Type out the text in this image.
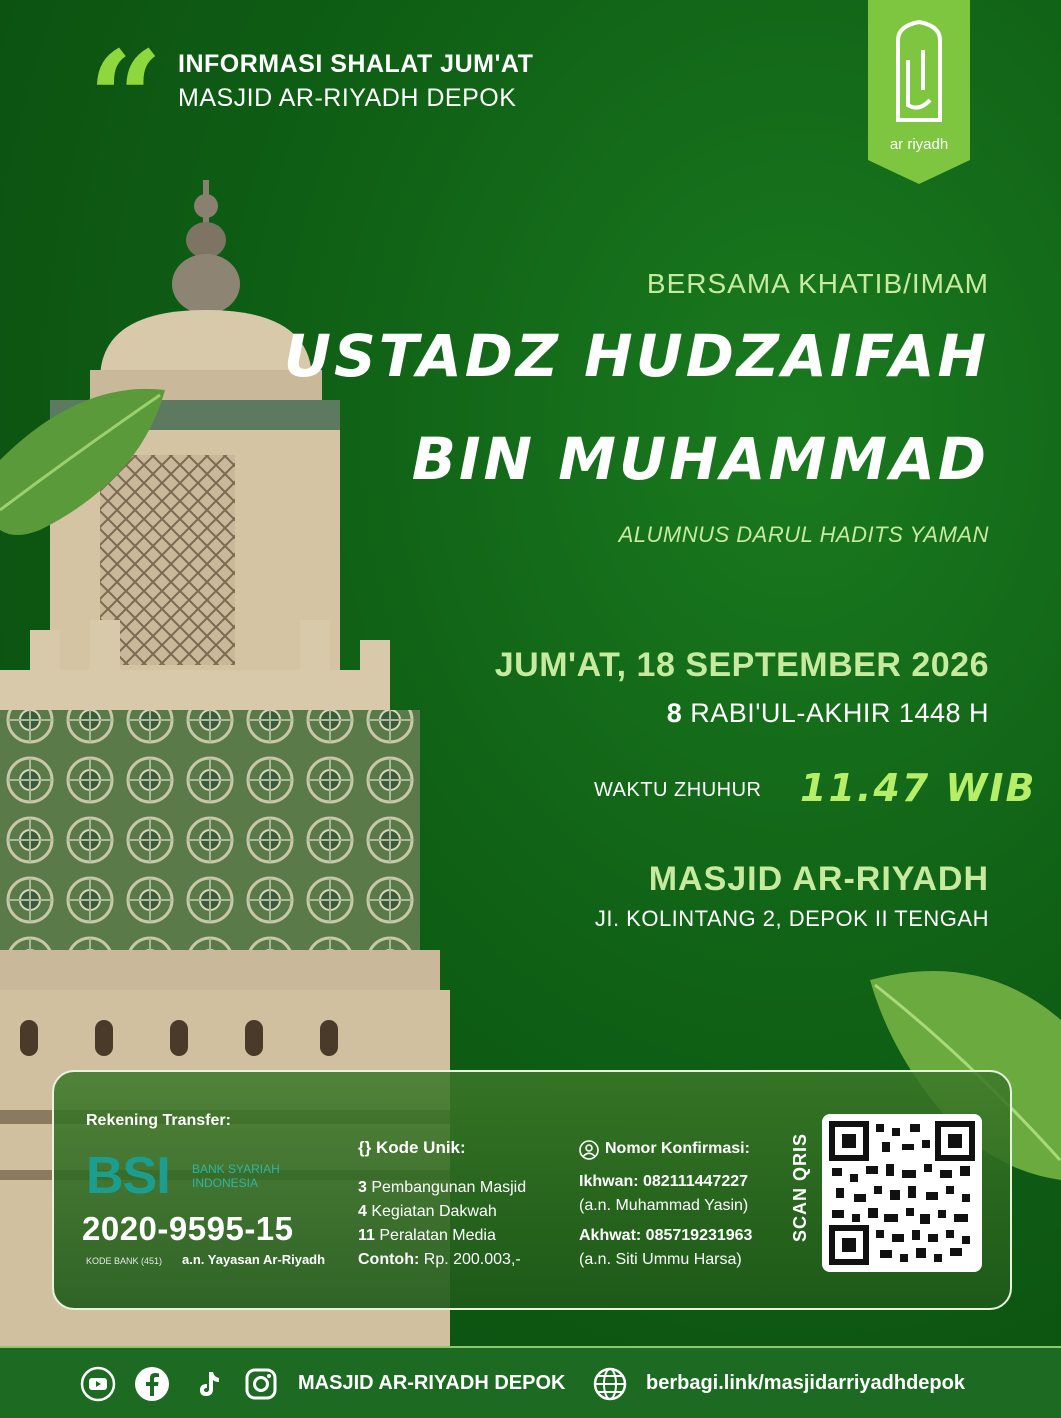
“ INFORMASI SHALAT JUM'AT
MASJID AR-RIYADH DEPOK
ar riyadh
BERSAMA KHATIB/IMAM
USTADZ HUDZAIFAH
BIN MUHAMMAD
ALUMNUS DARUL HADITS YAMAN
JUM'AT, 18 SEPTEMBER 2026
8 RABI'UL-AKHIR 1448 H
WAKTU ZHUHUR 11.47 WIB
MASJID AR-RIYADH
JI. KOLINTANG 2, DEPOK II TENGAH
Rekening Transfer:
BSI BANK SYARIAH
INDONESIA
2020-9595-15
KODE BANK (451) a.n. Yayasan Ar-Riyadh
{} Kode Unik:
3 Pembangunan Masjid
4 Kegiatan Dakwah
11 Peralatan Media
Contoh: Rp. 200.003,-
Nomor Konfirmasi:
Ikhwan: 082111447227
(a.n. Muhammad Yasin)
Akhwat: 085719231963
(a.n. Siti Ummu Harsa)
SCAN QRIS
MASJID AR-RIYADH DEPOK	berbagi.link/masjidarriyadhdepok
